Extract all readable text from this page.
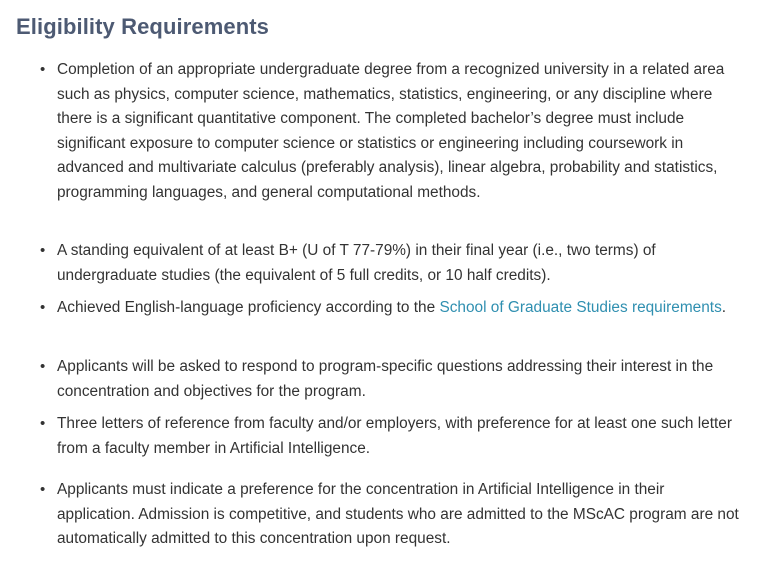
Eligibility Requirements
• Completion of an appropriate undergraduate degree from a recognized university in a related area such as physics, computer science, mathematics, statistics, engineering, or any discipline where there is a significant quantitative component. The completed bachelor’s degree must include significant exposure to computer science or statistics or engineering including coursework in advanced and multivariate calculus (preferably analysis), linear algebra, probability and statistics, programming languages, and general computational methods.
• A standing equivalent of at least B+ (U of T 77-79%) in their final year (i.e., two terms) of undergraduate studies (the equivalent of 5 full credits, or 10 half credits).
• Achieved English-language proficiency according to the School of Graduate Studies requirements.
• Applicants will be asked to respond to program-specific questions addressing their interest in the concentration and objectives for the program.
• Three letters of reference from faculty and/or employers, with preference for at least one such letter from a faculty member in Artificial Intelligence.
• Applicants must indicate a preference for the concentration in Artificial Intelligence in their application. Admission is competitive, and students who are admitted to the MScAC program are not automatically admitted to this concentration upon request.
